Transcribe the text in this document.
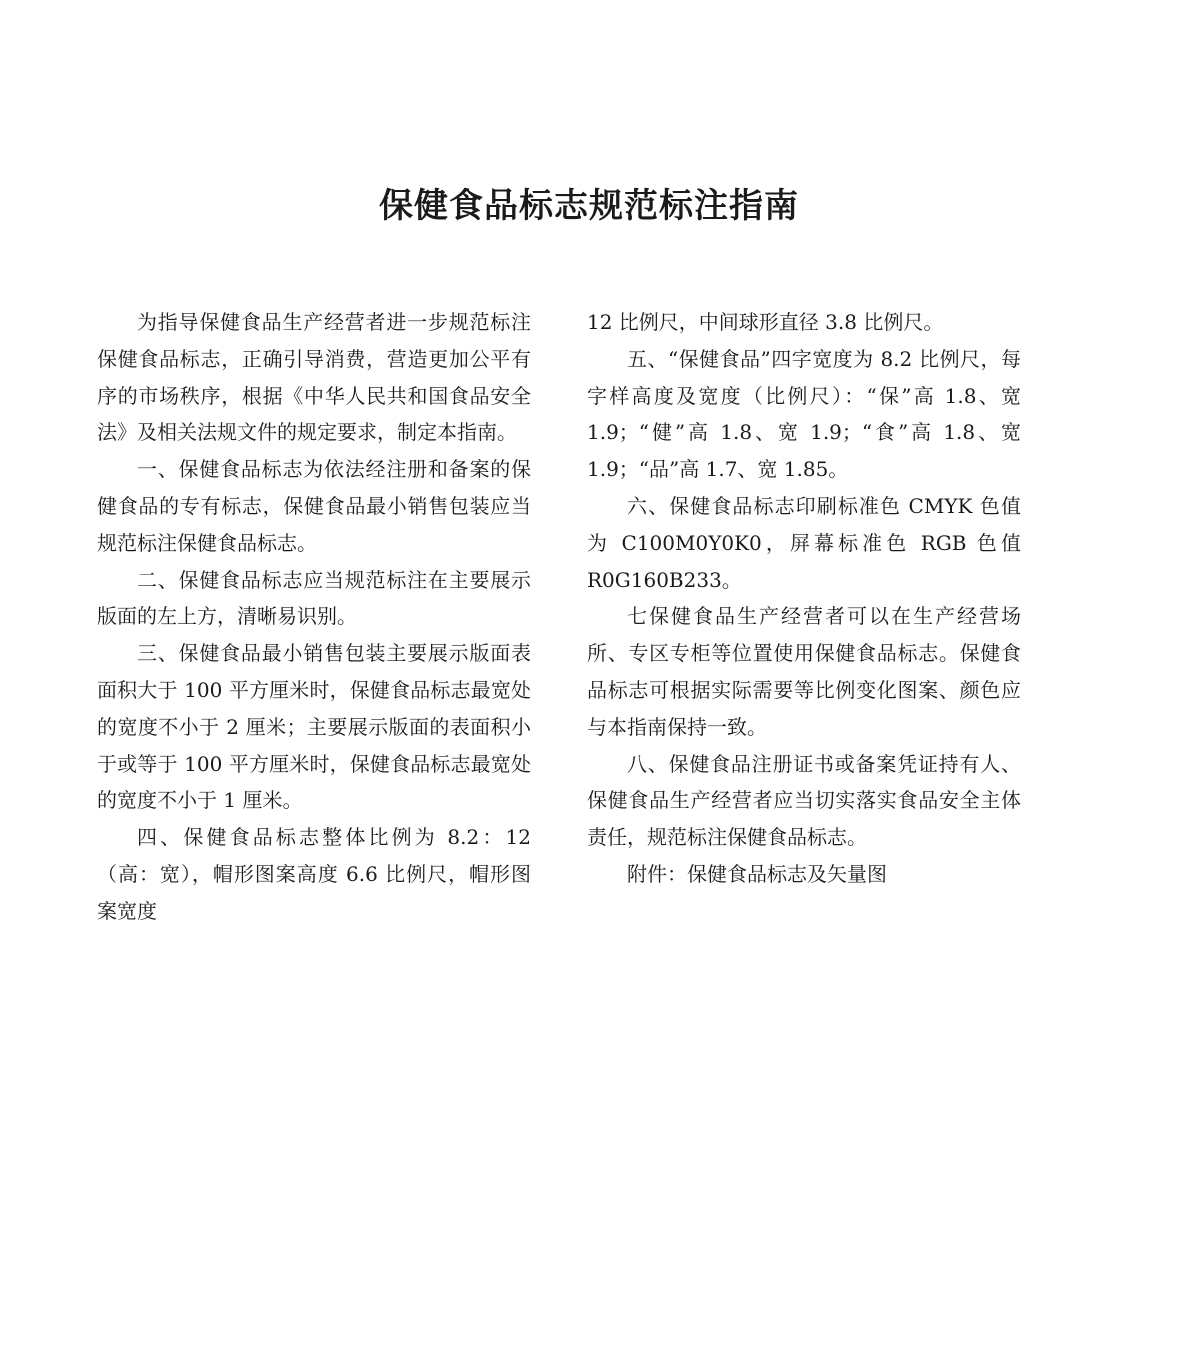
保健食品标志规范标注指南

为指导保健食品生产经营者进一步规范标注保健食品标志，正确引导消费，营造更加公平有序的市场秩序，根据《中华人民共和国食品安全法》及相关法规文件的规定要求，制定本指南。

一、保健食品标志为依法经注册和备案的保健食品的专有标志，保健食品最小销售包装应当规范标注保健食品标志。

二、保健食品标志应当规范标注在主要展示版面的左上方，清晰易识别。

三、保健食品最小销售包装主要展示版面表面积大于 100 平方厘米时，保健食品标志最宽处的宽度不小于 2 厘米；主要展示版面的表面积小于或等于 100 平方厘米时，保健食品标志最宽处的宽度不小于 1 厘米。

四、保健食品标志整体比例为 8.2：12（高：宽），帽形图案高度 6.6 比例尺，帽形图案宽度

12 比例尺，中间球形直径 3.8 比例尺。

五、“保健食品”四字宽度为 8.2 比例尺，每字样高度及宽度（比例尺）：“保”高 1.8、宽 1.9；“健”高 1.8、宽 1.9；“食”高 1.8、宽 1.9；“品”高 1.7、宽 1.85。

六、保健食品标志印刷标准色 CMYK 色值为 C100M0Y0K0，屏幕标准色 RGB 色值 R0G160B233。

七保健食品生产经营者可以在生产经营场所、专区专柜等位置使用保健食品标志。保健食品标志可根据实际需要等比例变化图案、颜色应与本指南保持一致。

八、保健食品注册证书或备案凭证持有人、保健食品生产经营者应当切实落实食品安全主体责任，规范标注保健食品标志。

附件：保健食品标志及矢量图
